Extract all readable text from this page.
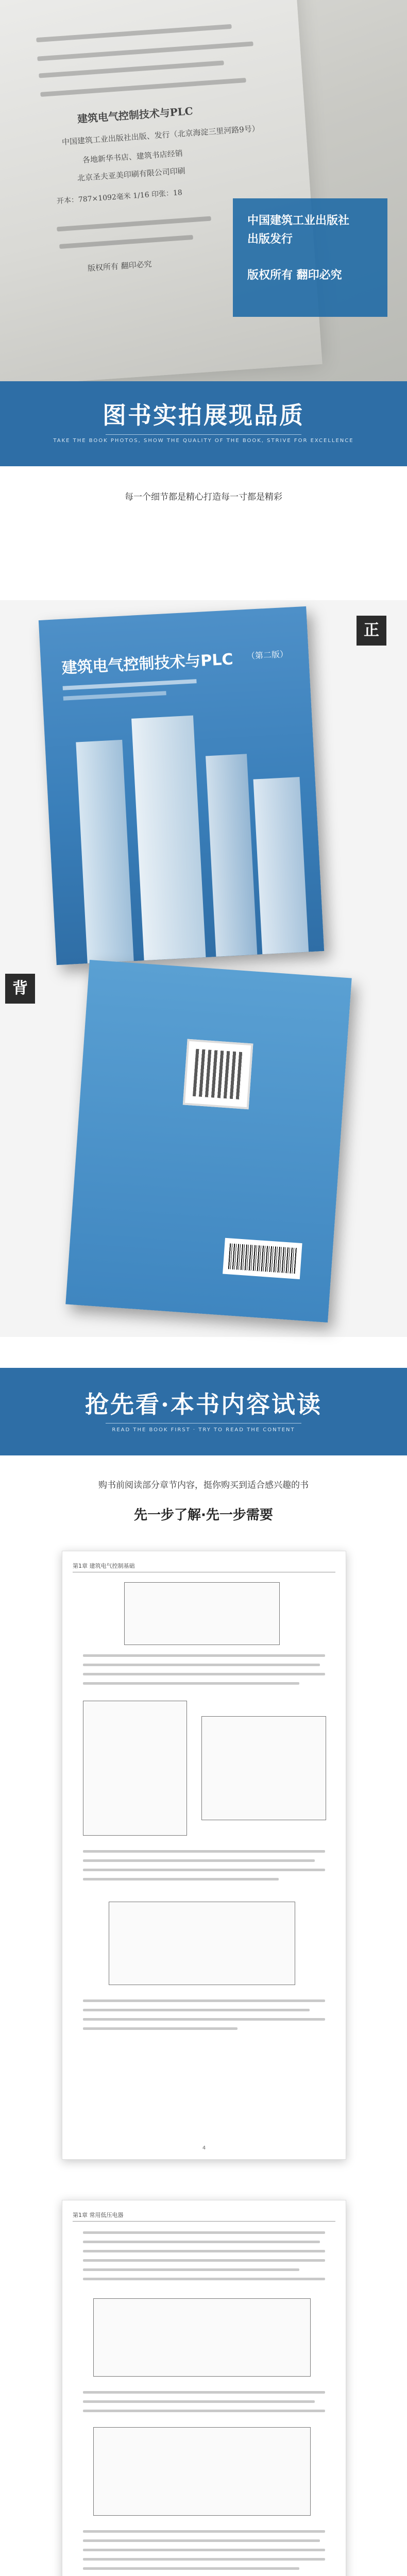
建筑电气控制技术与PLC
中国建筑工业出版社出版、发行（北京海淀三里河路9号）
各地新华书店、建筑书店经销
北京圣夫亚美印刷有限公司印刷
开本：787×1092毫米 1/16 印张：18
版权所有 翻印必究
中国建筑工业出版社
出版发行
版权所有 翻印必究
图书实拍展现品质
TAKE THE BOOK PHOTOS, SHOW THE QUALITY OF THE BOOK, STRIVE FOR EXCELLENCE
每一个细节都是精心打造每一寸都是精彩
建筑电气控制技术与PLC （第二版）
正
背
抢先看·本书内容试读
READ THE BOOK FIRST · TRY TO READ THE CONTENT
购书前阅读部分章节内容，挺你购买到适合感兴趣的书
先一步了解·先一步需要
第1章 建筑电气控制基础
4
第1章 常用低压电器
